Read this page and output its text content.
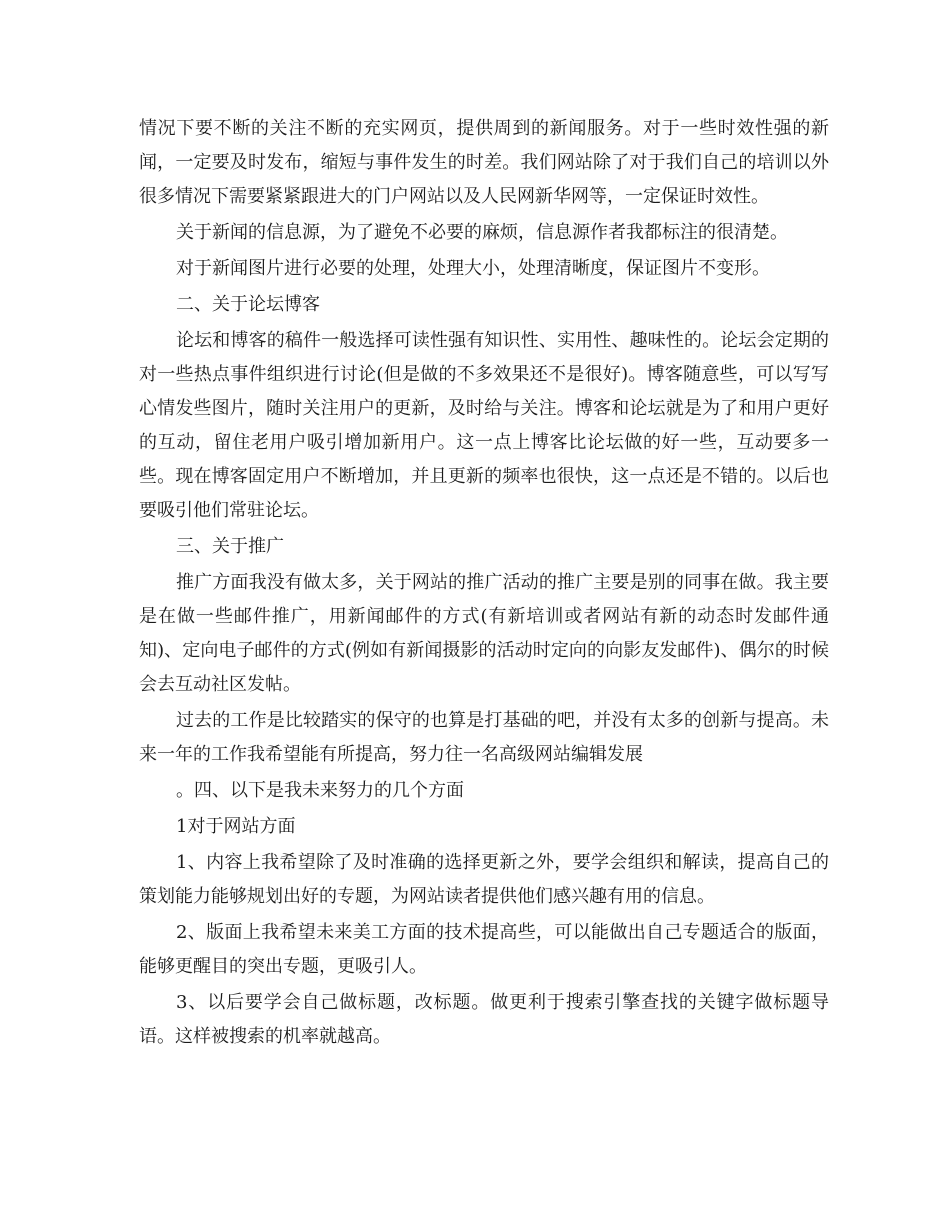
情况下要不断的关注不断的充实网页，提供周到的新闻服务。对于一些时效性强的新闻，一定要及时发布，缩短与事件发生的时差。我们网站除了对于我们自己的培训以外很多情况下需要紧紧跟进大的门户网站以及人民网新华网等，一定保证时效性。

关于新闻的信息源，为了避免不必要的麻烦，信息源作者我都标注的很清楚。

对于新闻图片进行必要的处理，处理大小，处理清晰度，保证图片不变形。

二、关于论坛博客

论坛和博客的稿件一般选择可读性强有知识性、实用性、趣味性的。论坛会定期的对一些热点事件组织进行讨论(但是做的不多效果还不是很好)。博客随意些，可以写写心情发些图片，随时关注用户的更新，及时给与关注。博客和论坛就是为了和用户更好的互动，留住老用户吸引增加新用户。这一点上博客比论坛做的好一些，互动要多一些。现在博客固定用户不断增加，并且更新的频率也很快，这一点还是不错的。以后也要吸引他们常驻论坛。

三、关于推广

推广方面我没有做太多，关于网站的推广活动的推广主要是别的同事在做。我主要是在做一些邮件推广，用新闻邮件的方式(有新培训或者网站有新的动态时发邮件通知)、定向电子邮件的方式(例如有新闻摄影的活动时定向的向影友发邮件)、偶尔的时候会去互动社区发帖。

过去的工作是比较踏实的保守的也算是打基础的吧，并没有太多的创新与提高。未来一年的工作我希望能有所提高，努力往一名高级网站编辑发展

。四、以下是我未来努力的几个方面

1对于网站方面

1、内容上我希望除了及时准确的选择更新之外，要学会组织和解读，提高自己的策划能力能够规划出好的专题，为网站读者提供他们感兴趣有用的信息。

2、版面上我希望未来美工方面的技术提高些，可以能做出自己专题适合的版面，能够更醒目的突出专题，更吸引人。

3、以后要学会自己做标题，改标题。做更利于搜索引擎查找的关键字做标题导语。这样被搜索的机率就越高。
